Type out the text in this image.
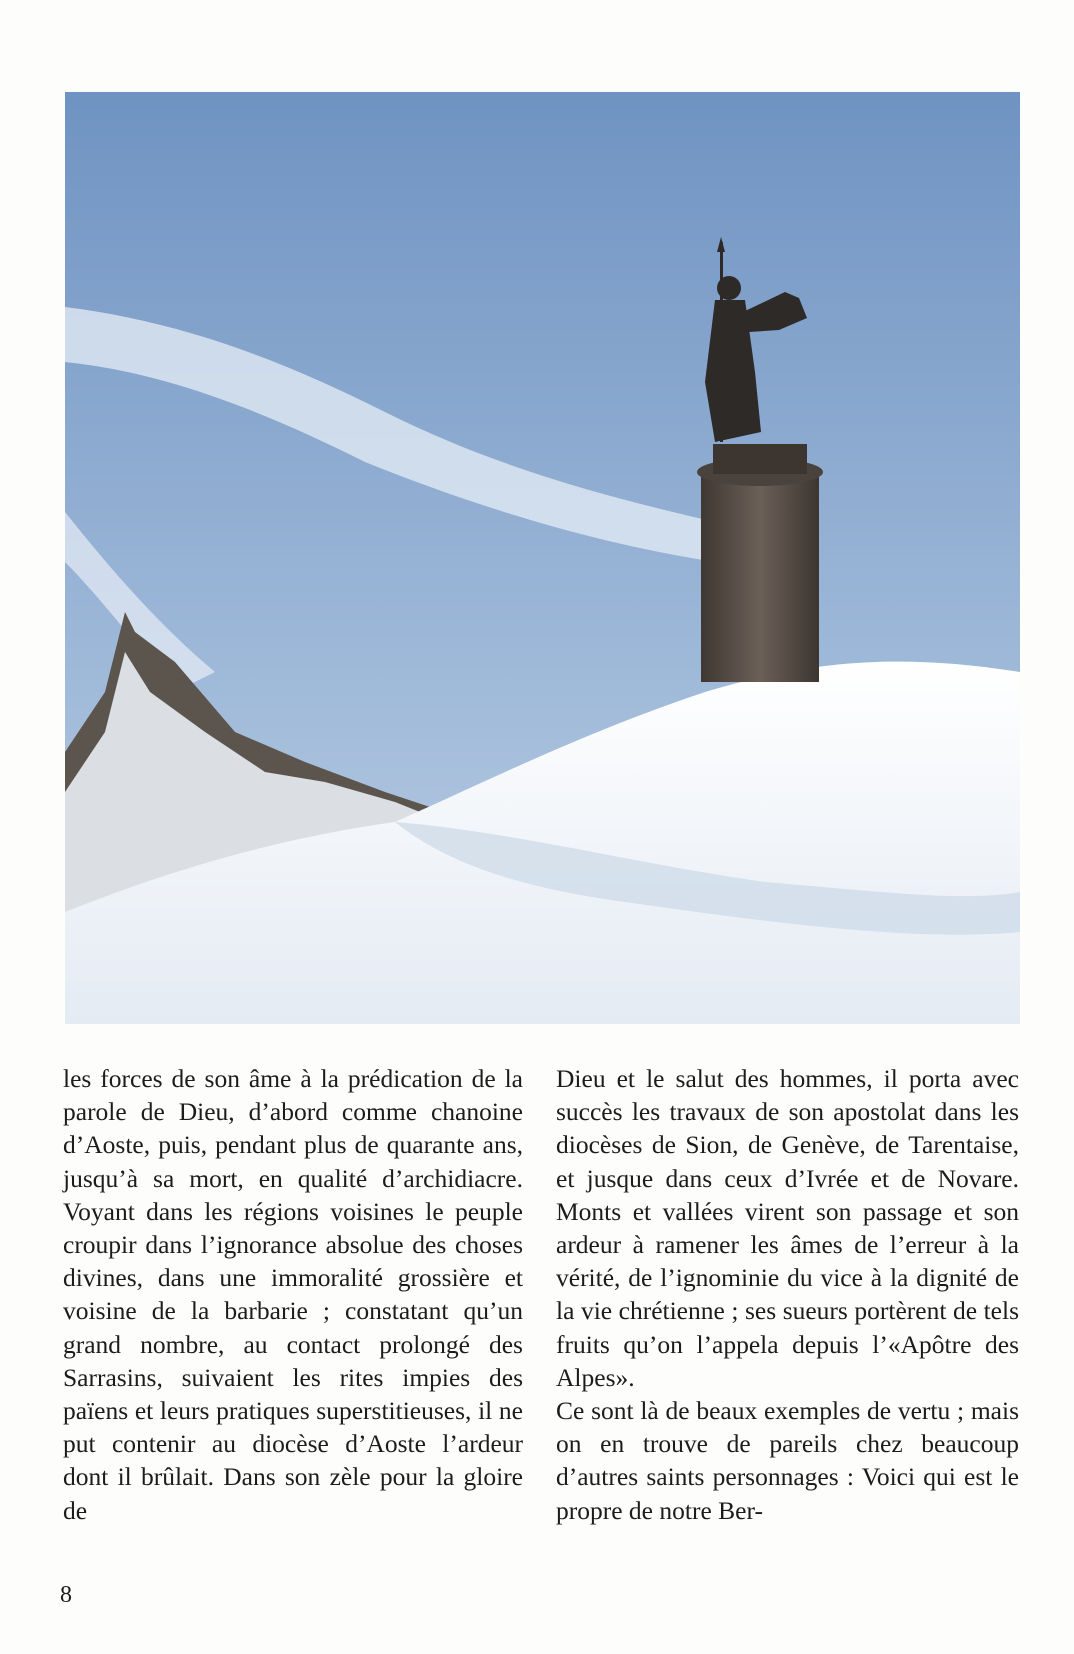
les forces de son âme à la prédication de la parole de Dieu, d’abord comme chanoine d’Aoste, puis, pendant plus de quarante ans, jusqu’à sa mort, en qualité d’archidiacre. Voyant dans les régions voisines le peuple croupir dans l’ignorance absolue des choses divines, dans une immoralité grossière et voisine de la barbarie ; constatant qu’un grand nombre, au contact prolongé des Sarrasins, suivaient les rites impies des païens et leurs pratiques superstitieuses, il ne put contenir au diocèse d’Aoste l’ardeur dont il brûlait. Dans son zèle pour la gloire de

Dieu et le salut des hommes, il porta avec succès les travaux de son apostolat dans les diocèses de Sion, de Genève, de Tarentaise, et jusque dans ceux d’Ivrée et de Novare. Monts et vallées virent son passage et son ardeur à ramener les âmes de l’erreur à la vérité, de l’ignominie du vice à la dignité de la vie chrétienne ; ses sueurs portèrent de tels fruits qu’on l’appela depuis l’«Apôtre des Alpes».

Ce sont là de beaux exemples de vertu ; mais on en trouve de pareils chez beaucoup d’autres saints personnages : Voici qui est le propre de notre Ber-

8
